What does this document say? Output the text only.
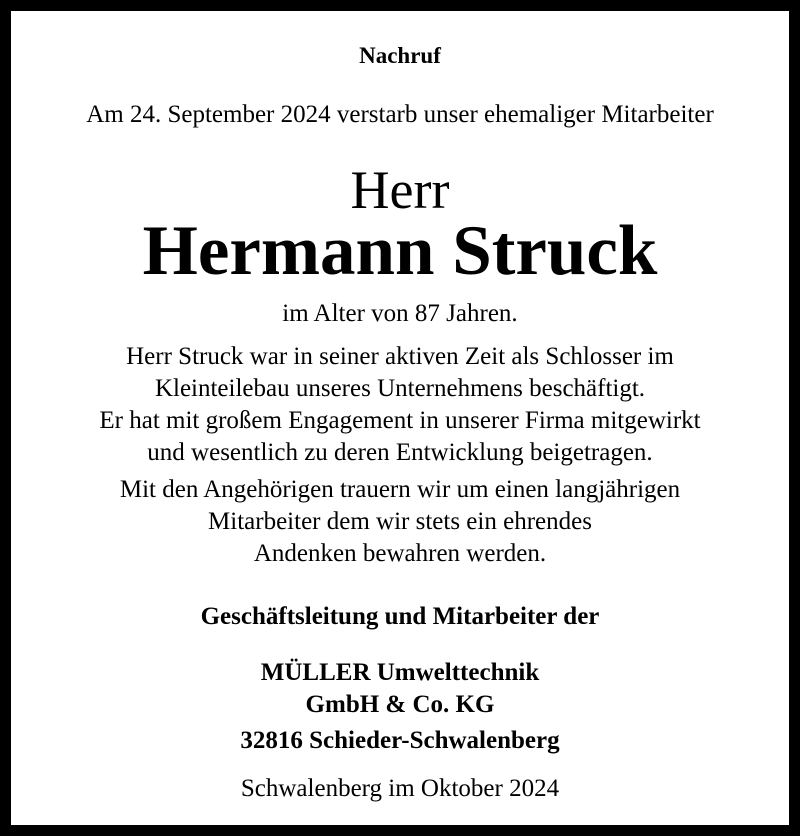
Nachruf
Am 24. September 2024 verstarb unser ehemaliger Mitarbeiter
Herr
Hermann Struck
im Alter von 87 Jahren.
Herr Struck war in seiner aktiven Zeit als Schlosser im
Kleinteilebau unseres Unternehmens beschäftigt.
Er hat mit großem Engagement in unserer Firma mitgewirkt
und wesentlich zu deren Entwicklung beigetragen.
Mit den Angehörigen trauern wir um einen langjährigen
Mitarbeiter dem wir stets ein ehrendes
Andenken bewahren werden.
Geschäftsleitung und Mitarbeiter der
MÜLLER Umwelttechnik
GmbH & Co. KG
32816 Schieder-Schwalenberg
Schwalenberg im Oktober 2024
